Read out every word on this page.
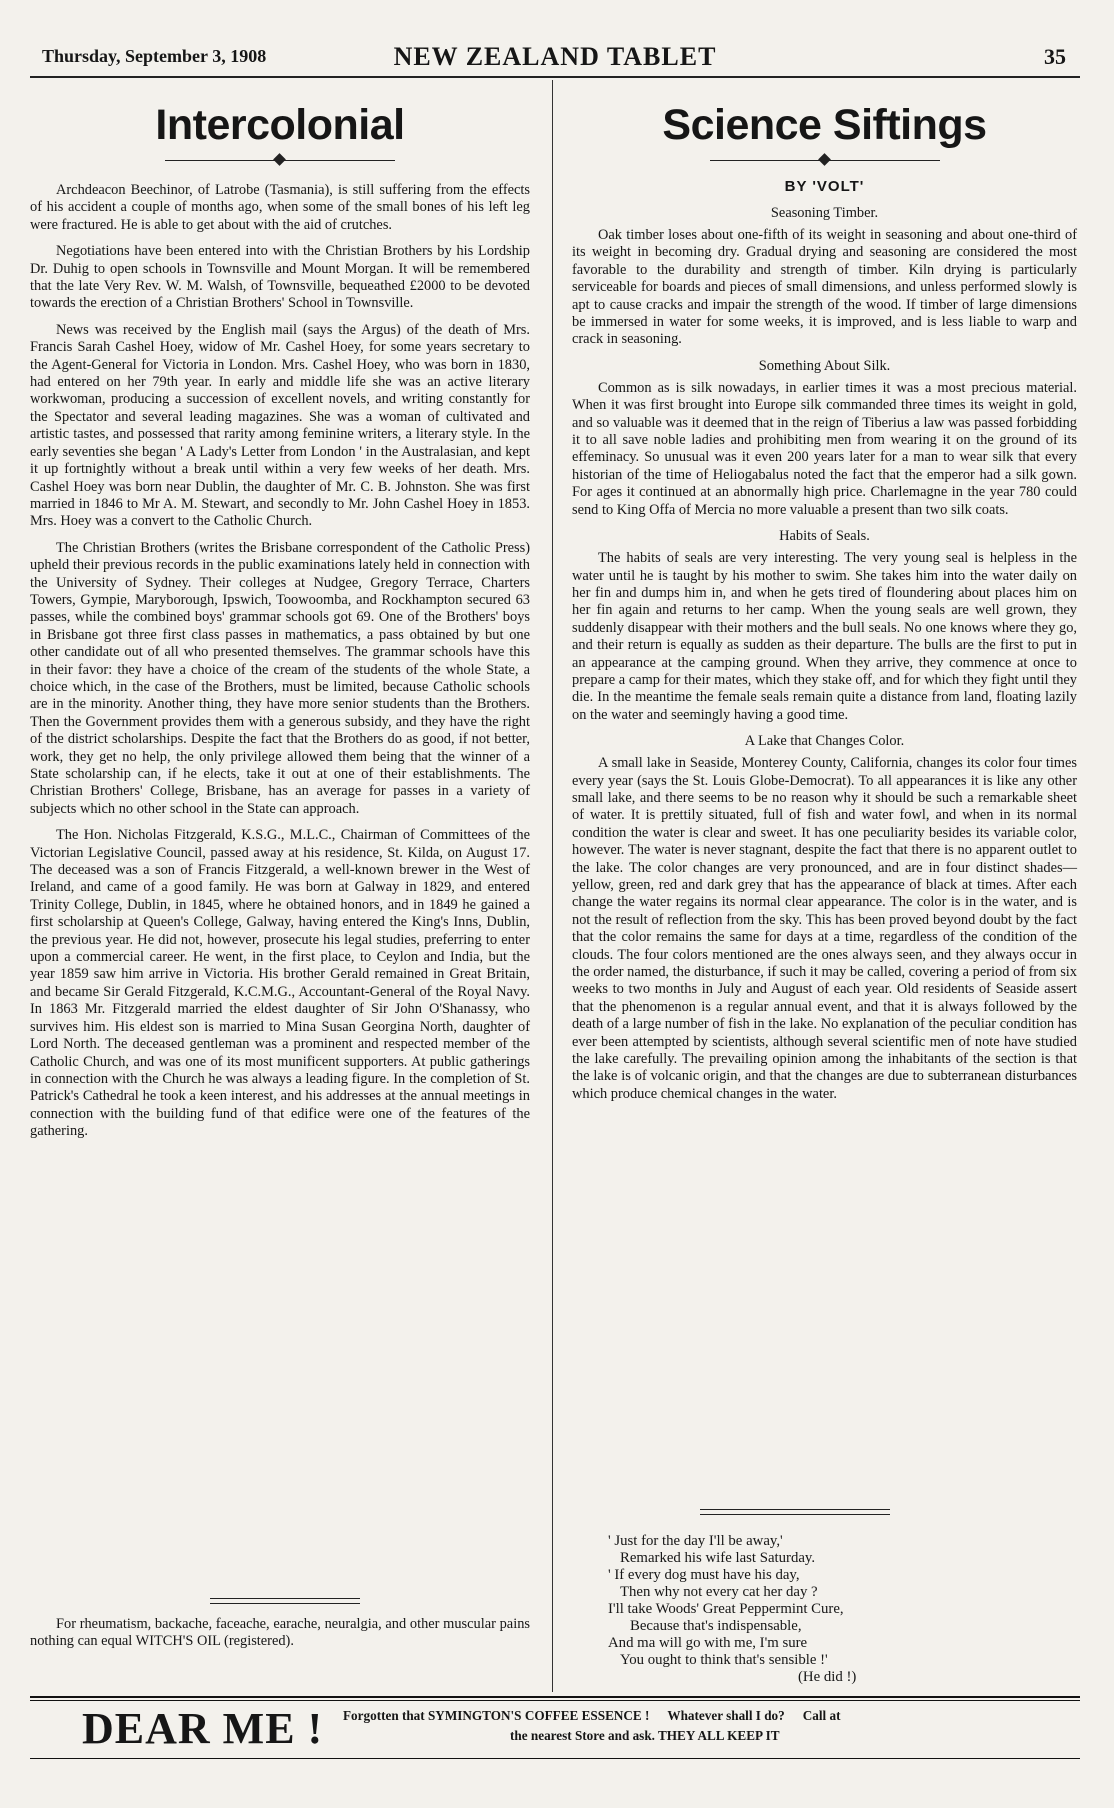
Thursday, September 3, 1908	NEW ZEALAND TABLET	35
Intercolonial

Archdeacon Beechinor, of Latrobe (Tasmania), is still suffering from the effects of his accident a couple of months ago, when some of the small bones of his left leg were fractured. He is able to get about with the aid of crutches.

Negotiations have been entered into with the Christian Brothers by his Lordship Dr. Duhig to open schools in Townsville and Mount Morgan. It will be remembered that the late Very Rev. W. M. Walsh, of Townsville, bequeathed £2000 to be devoted towards the erection of a Christian Brothers' School in Townsville.

News was received by the English mail (says the Argus) of the death of Mrs. Francis Sarah Cashel Hoey, widow of Mr. Cashel Hoey, for some years secretary to the Agent-General for Victoria in London. Mrs. Cashel Hoey, who was born in 1830, had entered on her 79th year. In early and middle life she was an active literary workwoman, producing a succession of excellent novels, and writing constantly for the Spectator and several leading magazines. She was a woman of cultivated and artistic tastes, and possessed that rarity among feminine writers, a literary style. In the early seventies she began ' A Lady's Letter from London ' in the Australasian, and kept it up fortnightly without a break until within a very few weeks of her death. Mrs. Cashel Hoey was born near Dublin, the daughter of Mr. C. B. Johnston. She was first married in 1846 to Mr A. M. Stewart, and secondly to Mr. John Cashel Hoey in 1853. Mrs. Hoey was a convert to the Catholic Church.

The Christian Brothers (writes the Brisbane correspondent of the Catholic Press) upheld their previous records in the public examinations lately held in connection with the University of Sydney. Their colleges at Nudgee, Gregory Terrace, Charters Towers, Gympie, Maryborough, Ipswich, Toowoomba, and Rockhampton secured 63 passes, while the combined boys' grammar schools got 69. One of the Brothers' boys in Brisbane got three first class passes in mathematics, a pass obtained by but one other candidate out of all who presented themselves. The grammar schools have this in their favor: they have a choice of the cream of the students of the whole State, a choice which, in the case of the Brothers, must be limited, because Catholic schools are in the minority. Another thing, they have more senior students than the Brothers. Then the Government provides them with a generous subsidy, and they have the right of the district scholarships. Despite the fact that the Brothers do as good, if not better, work, they get no help, the only privilege allowed them being that the winner of a State scholarship can, if he elects, take it out at one of their establishments. The Christian Brothers' College, Brisbane, has an average for passes in a variety of subjects which no other school in the State can approach.

The Hon. Nicholas Fitzgerald, K.S.G., M.L.C., Chairman of Committees of the Victorian Legislative Council, passed away at his residence, St. Kilda, on August 17. The deceased was a son of Francis Fitzgerald, a well-known brewer in the West of Ireland, and came of a good family. He was born at Galway in 1829, and entered Trinity College, Dublin, in 1845, where he obtained honors, and in 1849 he gained a first scholarship at Queen's College, Galway, having entered the King's Inns, Dublin, the previous year. He did not, however, prosecute his legal studies, preferring to enter upon a commercial career. He went, in the first place, to Ceylon and India, but the year 1859 saw him arrive in Victoria. His brother Gerald remained in Great Britain, and became Sir Gerald Fitzgerald, K.C.M.G., Accountant-General of the Royal Navy. In 1863 Mr. Fitzgerald married the eldest daughter of Sir John O'Shanassy, who survives him. His eldest son is married to Mina Susan Georgina North, daughter of Lord North. The deceased gentleman was a prominent and respected member of the Catholic Church, and was one of its most munificent supporters. At public gatherings in connection with the Church he was always a leading figure. In the completion of St. Patrick's Cathedral he took a keen interest, and his addresses at the annual meetings in connection with the building fund of that edifice were one of the features of the gathering.

For rheumatism, backache, faceache, earache, neuralgia, and other muscular pains nothing can equal WITCH'S OIL (registered).

Science Siftings
BY 'VOLT'
Seasoning Timber.

Oak timber loses about one-fifth of its weight in seasoning and about one-third of its weight in becoming dry. Gradual drying and seasoning are considered the most favorable to the durability and strength of timber. Kiln drying is particularly serviceable for boards and pieces of small dimensions, and unless performed slowly is apt to cause cracks and impair the strength of the wood. If timber of large dimensions be immersed in water for some weeks, it is improved, and is less liable to warp and crack in seasoning.

Something About Silk.

Common as is silk nowadays, in earlier times it was a most precious material. When it was first brought into Europe silk commanded three times its weight in gold, and so valuable was it deemed that in the reign of Tiberius a law was passed forbidding it to all save noble ladies and prohibiting men from wearing it on the ground of its effeminacy. So unusual was it even 200 years later for a man to wear silk that every historian of the time of Heliogabalus noted the fact that the emperor had a silk gown. For ages it continued at an abnormally high price. Charlemagne in the year 780 could send to King Offa of Mercia no more valuable a present than two silk coats.

Habits of Seals.

The habits of seals are very interesting. The very young seal is helpless in the water until he is taught by his mother to swim. She takes him into the water daily on her fin and dumps him in, and when he gets tired of floundering about places him on her fin again and returns to her camp. When the young seals are well grown, they suddenly disappear with their mothers and the bull seals. No one knows where they go, and their return is equally as sudden as their departure. The bulls are the first to put in an appearance at the camping ground. When they arrive, they commence at once to prepare a camp for their mates, which they stake off, and for which they fight until they die. In the meantime the female seals remain quite a distance from land, floating lazily on the water and seemingly having a good time.

A Lake that Changes Color.

A small lake in Seaside, Monterey County, California, changes its color four times every year (says the St. Louis Globe-Democrat). To all appearances it is like any other small lake, and there seems to be no reason why it should be such a remarkable sheet of water. It is prettily situated, full of fish and water fowl, and when in its normal condition the water is clear and sweet. It has one peculiarity besides its variable color, however. The water is never stagnant, despite the fact that there is no apparent outlet to the lake. The color changes are very pronounced, and are in four distinct shades—yellow, green, red and dark grey that has the appearance of black at times. After each change the water regains its normal clear appearance. The color is in the water, and is not the result of reflection from the sky. This has been proved beyond doubt by the fact that the color remains the same for days at a time, regardless of the condition of the clouds. The four colors mentioned are the ones always seen, and they always occur in the order named, the disturbance, if such it may be called, covering a period of from six weeks to two months in July and August of each year. Old residents of Seaside assert that the phenomenon is a regular annual event, and that it is always followed by the death of a large number of fish in the lake. No explanation of the peculiar condition has ever been attempted by scientists, although several scientific men of note have studied the lake carefully. The prevailing opinion among the inhabitants of the section is that the lake is of volcanic origin, and that the changes are due to subterranean disturbances which produce chemical changes in the water.

' Just for the day I'll be away,'
Remarked his wife last Saturday.
' If every dog must have his day,
Then why not every cat her day ?
I'll take Woods' Great Peppermint Cure,
Because that's indispensable,
And ma will go with me, I'm sure
You ought to think that's sensible !'
(He did !)
DEAR ME ! Forgotten that SYMINGTON'S COFFEE ESSENCE ! Whatever shall I do? Call at
the nearest Store and ask. THEY ALL KEEP IT
